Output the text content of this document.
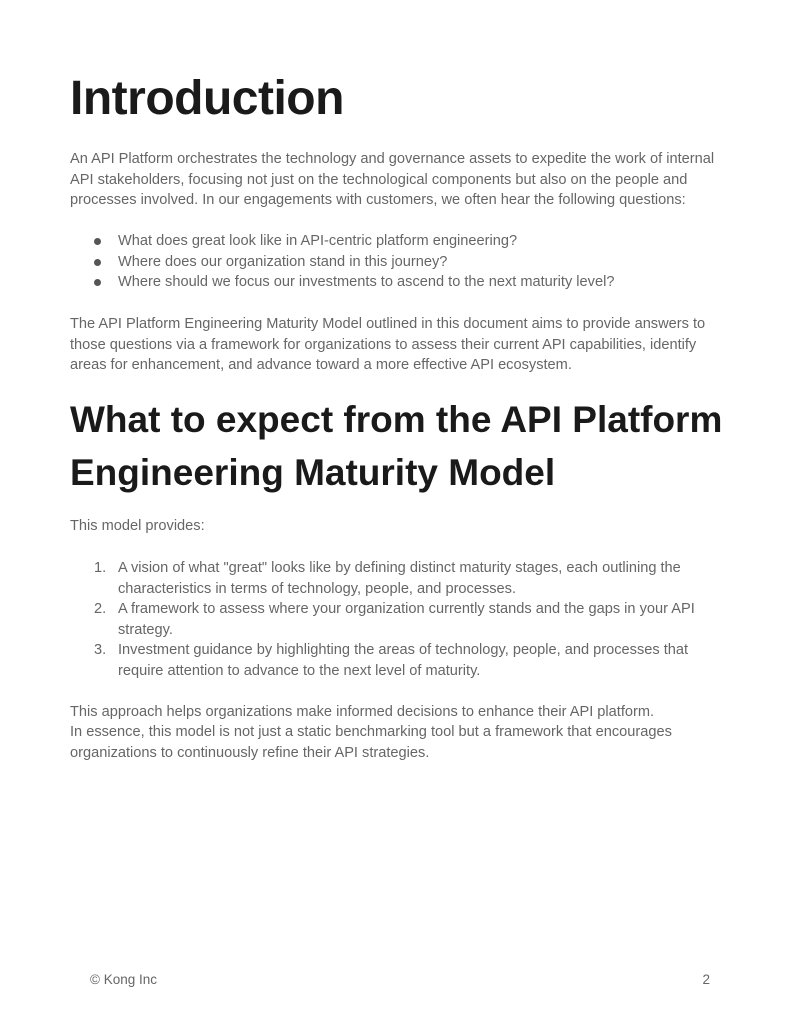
Introduction

An API Platform orchestrates the technology and governance assets to expedite the work of internal API stakeholders, focusing not just on the technological components but also on the people and processes involved. In our engagements with customers, we often hear the following questions:

What does great look like in API-centric platform engineering?
Where does our organization stand in this journey?
Where should we focus our investments to ascend to the next maturity level?

The API Platform Engineering Maturity Model outlined in this document aims to provide answers to those questions via a framework for organizations to assess their current API capabilities, identify areas for enhancement, and advance toward a more effective API ecosystem.

What to expect from the API Platform Engineering Maturity Model

This model provides:

1. A vision of what "great" looks like by defining distinct maturity stages, each outlining the characteristics in terms of technology, people, and processes.
2. A framework to assess where your organization currently stands and the gaps in your API strategy.
3. Investment guidance by highlighting the areas of technology, people, and processes that require attention to advance to the next level of maturity.

This approach helps organizations make informed decisions to enhance their API platform.

In essence, this model is not just a static benchmarking tool but a framework that encourages organizations to continuously refine their API strategies.

© Kong Inc	2
